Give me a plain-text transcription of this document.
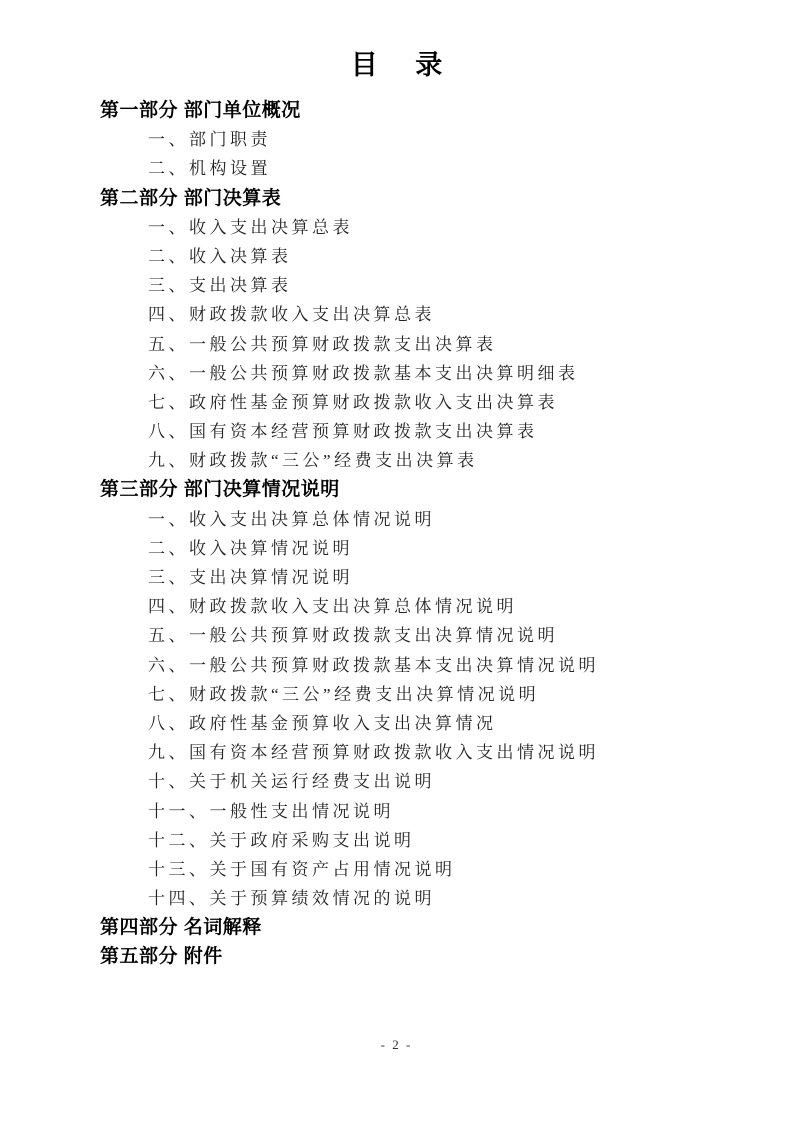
目 录
第一部分 部门单位概况
一、部门职责
二、机构设置
第二部分 部门决算表
一、收入支出决算总表
二、收入决算表
三、支出决算表
四、财政拨款收入支出决算总表
五、一般公共预算财政拨款支出决算表
六、一般公共预算财政拨款基本支出决算明细表
七、政府性基金预算财政拨款收入支出决算表
八、国有资本经营预算财政拨款支出决算表
九、财政拨款“三公”经费支出决算表
第三部分 部门决算情况说明
一、收入支出决算总体情况说明
二、收入决算情况说明
三、支出决算情况说明
四、财政拨款收入支出决算总体情况说明
五、一般公共预算财政拨款支出决算情况说明
六、一般公共预算财政拨款基本支出决算情况说明
七、财政拨款“三公”经费支出决算情况说明
八、政府性基金预算收入支出决算情况
九、国有资本经营预算财政拨款收入支出情况说明
十、关于机关运行经费支出说明
十一、一般性支出情况说明
十二、关于政府采购支出说明
十三、关于国有资产占用情况说明
十四、关于预算绩效情况的说明
第四部分 名词解释
第五部分 附件
- 2 -
